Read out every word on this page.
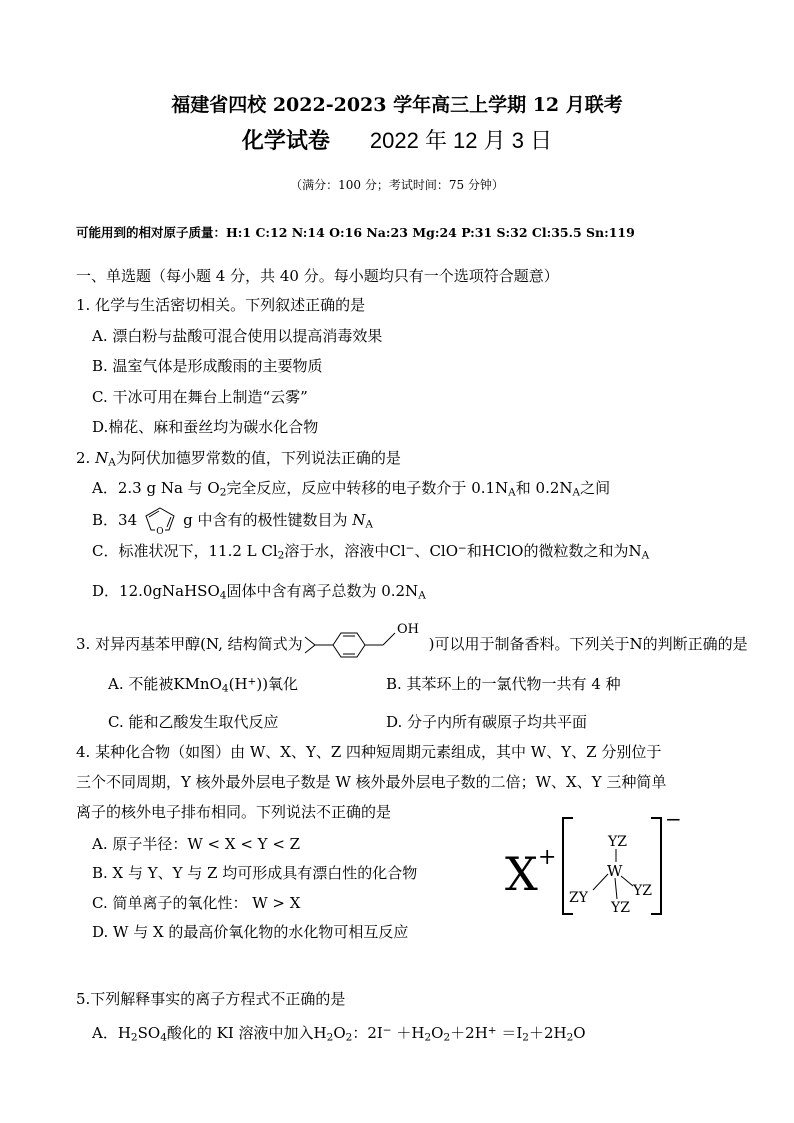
福建省四校 2022-2023 学年高三上学期 12 月联考
化学试卷 2022 年 12 月 3 日
（满分：100 分；考试时间：75 分钟）
可能用到的相对原子质量：H:1 C:12 N:14 O:16 Na:23 Mg:24 P:31 S:32 Cl:35.5 Sn:119
一、单选题（每小题 4 分，共 40 分。每小题均只有一个选项符合题意）
1. 化学与生活密切相关。下列叙述正确的是
A. 漂白粉与盐酸可混合使用以提高消毒效果
B. 温室气体是形成酸雨的主要物质
C. 干冰可用在舞台上制造“云雾”
D.棉花、麻和蚕丝均为碳水化合物
2. $N_A$为阿伏加德罗常数的值，下列说法正确的是
A．2.3 g Na 与 $O_2$完全反应，反应中转移的电子数介于 $0.1N_A$和 $0.2N_A$之间
B．34
O
g 中含有的极性键数目为 $N_A$
C．标准状况下，11.2 L $Cl_2$溶于水，溶液中Cl−、ClO−和HClO的微粒数之和为$N_A$
D．12.0gNaHSO$_4$固体中含有离子总数为 $0.2N_A$
3. 对异丙基苯甲醇(N, 结构简式为
OH
)可以用于制备香料。下列关于N的判断正确的是
A. 不能被KMnO$_4$(H+))氧化	B. 其苯环上的一氯代物一共有 4 种
C. 能和乙酸发生取代反应	D. 分子内所有碳原子均共平面
4. 某种化合物（如图）由 W、X、Y、Z 四种短周期元素组成，其中 W、Y、Z 分别位于
三个不同周期，Y 核外最外层电子数是 W 核外最外层电子数的二倍；W、X、Y 三种简单
离子的核外电子排布相同。下列说法不正确的是
A. 原子半径：W < X < Y < Z
B. X 与 Y、Y 与 Z 均可形成具有漂白性的化合物
C. 简单离子的氧化性： W > X
D. W 与 X 的最高价氧化物的水化物可相互反应
X +
−
YZ
W
ZY	YZ
YZ
5.下列解释事实的离子方程式不正确的是
A．$H_2SO_4$酸化的 KI 溶液中加入$H_2O_2$：$2I^- +H_2O_2+2H^+ =I_2+2H_2O$
